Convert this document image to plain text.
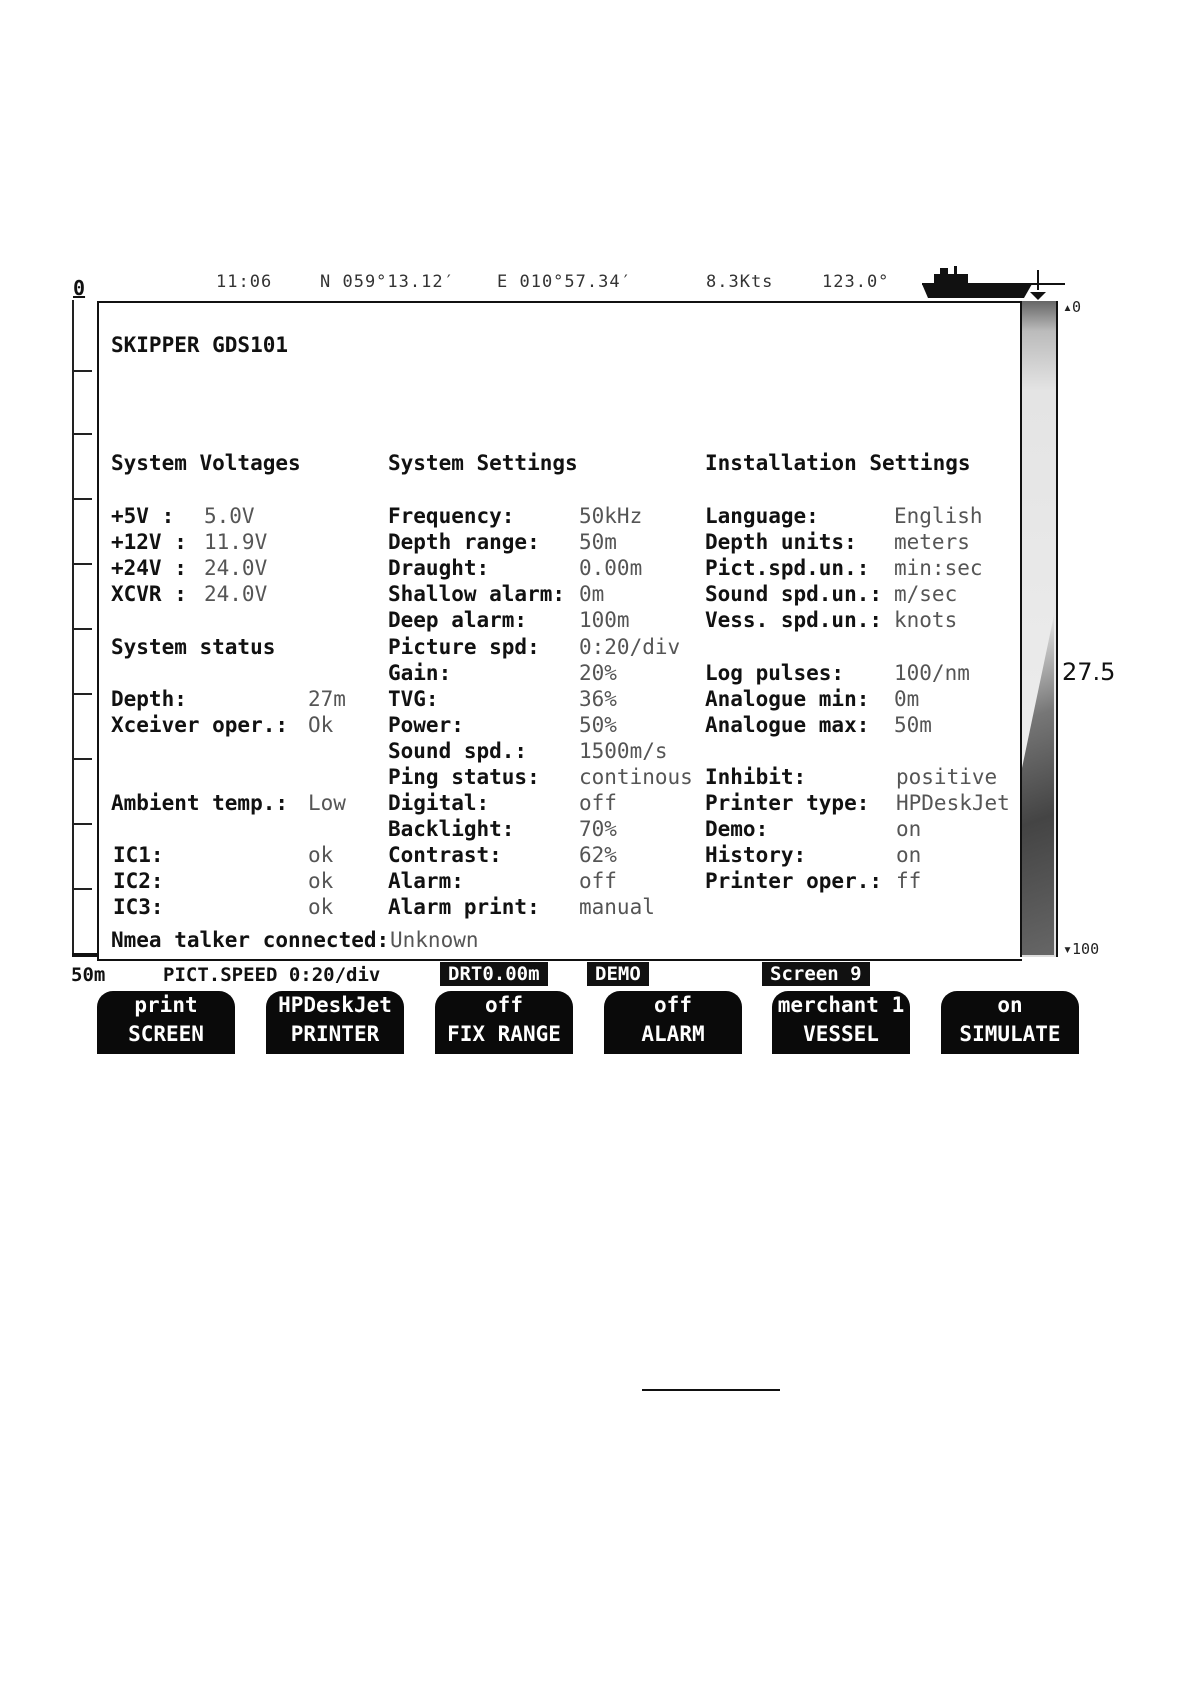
0	11:06	N 059°13.12′ E 010°57.34′	8.3Kts	123.0°
SKIPPER GDS101
System Voltages
+5V : 5.0V
+12V : 11.9V
+24V : 24.0V
XCVR : 24.0V
System status
Depth:	27m
Xceiver oper.: Ok
Ambient temp.: Low
IC1:	ok
IC2:	ok
IC3:	ok
Nmea talker connected: Unknown
System Settings
Frequency:	50kHz
Depth range: 50m
Draught:	0.00m
Shallow alarm: 0m
Deep alarm: 100m
Picture spd: 0:20/div
Gain:	20%
TVG:	36%
Power:	50%
Sound spd.: 1500m/s
Ping status: continous
Digital:	off
Backlight:	70%
Contrast:	62%
Alarm:	off
Alarm print: manual
Installation Settings
Language:	English
Depth units: meters
Pict.spd.un.: min:sec
Sound spd.un.: m/sec
Vess. spd.un.: knots
Log pulses: 100/nm
Analogue min: 0m
Analogue max: 50m
Inhibit:	positive
Printer type: HPDeskJet
Demo:	on
History:	on
Printer oper.: ff
▴0
27.5
▾100
50m	PICT.SPEED 0:20/div	DRT0.00m	DEMO	Screen 9
print
SCREEN
HPDeskJet
PRINTER
off
FIX RANGE
off
ALARM
merchant 1
VESSEL
on
SIMULATE
